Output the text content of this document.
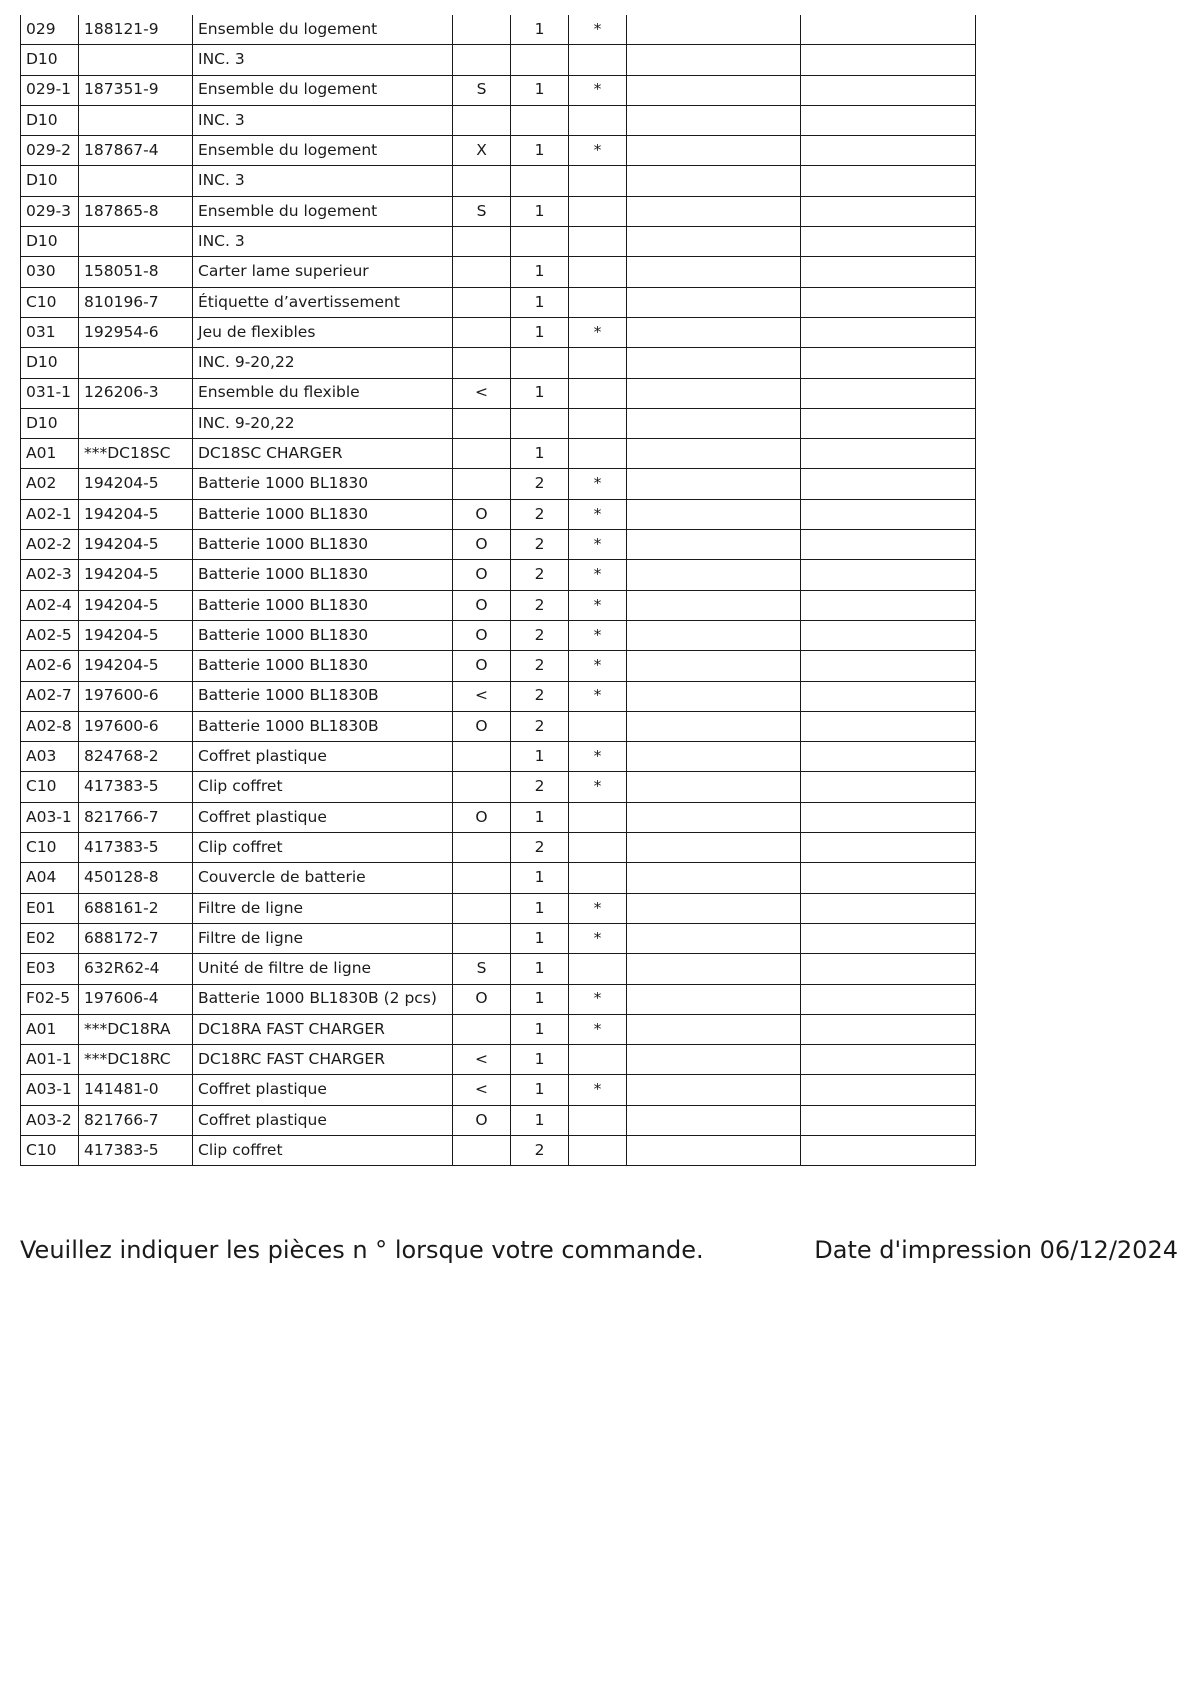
029	188121-9	Ensemble du logement		1	*		
D10		INC. 3					
029-1	187351-9	Ensemble du logement	S	1	*		
D10		INC. 3					
029-2	187867-4	Ensemble du logement	X	1	*		
D10		INC. 3					
029-3	187865-8	Ensemble du logement	S	1			
D10		INC. 3					
030	158051-8	Carter lame superieur		1			
C10	810196-7	Étiquette d’avertissement		1			
031	192954-6	Jeu de flexibles		1	*		
D10		INC. 9-20,22					
031-1	126206-3	Ensemble du flexible	<	1			
D10		INC. 9-20,22					
A01	***DC18SC	DC18SC CHARGER		1			
A02	194204-5	Batterie 1000 BL1830		2	*		
A02-1	194204-5	Batterie 1000 BL1830	O	2	*		
A02-2	194204-5	Batterie 1000 BL1830	O	2	*		
A02-3	194204-5	Batterie 1000 BL1830	O	2	*		
A02-4	194204-5	Batterie 1000 BL1830	O	2	*		
A02-5	194204-5	Batterie 1000 BL1830	O	2	*		
A02-6	194204-5	Batterie 1000 BL1830	O	2	*		
A02-7	197600-6	Batterie 1000 BL1830B	<	2	*		
A02-8	197600-6	Batterie 1000 BL1830B	O	2			
A03	824768-2	Coffret plastique		1	*		
C10	417383-5	Clip coffret		2	*		
A03-1	821766-7	Coffret plastique	O	1			
C10	417383-5	Clip coffret		2			
A04	450128-8	Couvercle de batterie		1			
E01	688161-2	Filtre de ligne		1	*		
E02	688172-7	Filtre de ligne		1	*		
E03	632R62-4	Unité de filtre de ligne	S	1			
F02-5	197606-4	Batterie 1000 BL1830B (2 pcs)	O	1	*		
A01	***DC18RA	DC18RA FAST CHARGER		1	*		
A01-1	***DC18RC	DC18RC FAST CHARGER	<	1			
A03-1	141481-0	Coffret plastique	<	1	*		
A03-2	821766-7	Coffret plastique	O	1			
C10	417383-5	Clip coffret		2			
Veuillez indiquer les pièces n ° lorsque votre commande.	Date d'impression 06/12/2024
